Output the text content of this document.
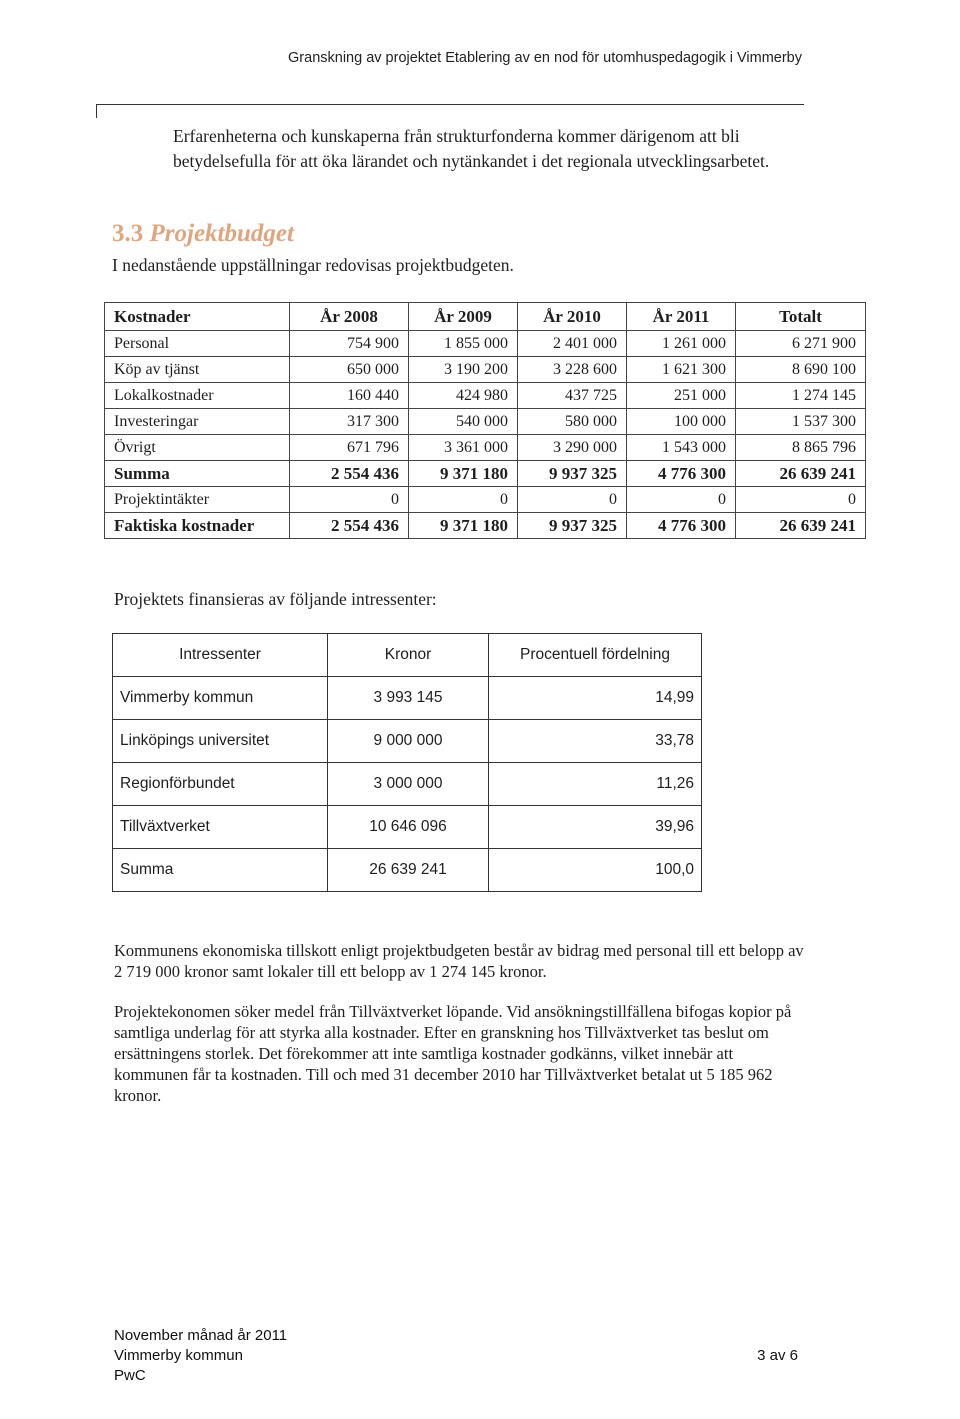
Granskning av projektet Etablering av en nod för utomhuspedagogik i Vimmerby

Erfarenheterna och kunskaperna från strukturfonderna kommer därigenom att bli betydelsefulla för att öka lärandet och nytänkandet i det regionala utvecklingsarbetet.

3.3 Projektbudget

I nedanstående uppställningar redovisas projektbudgeten.

Kostnader	År 2008	År 2009	År 2010	År 2011	Totalt
Personal	754 900	1 855 000	2 401 000	1 261 000	6 271 900
Köp av tjänst	650 000	3 190 200	3 228 600	1 621 300	8 690 100
Lokalkostnader	160 440	424 980	437 725	251 000	1 274 145
Investeringar	317 300	540 000	580 000	100 000	1 537 300
Övrigt	671 796	3 361 000	3 290 000	1 543 000	8 865 796
Summa	2 554 436	9 371 180	9 937 325	4 776 300	26 639 241
Projektintäkter	0	0	0	0	0
Faktiska kostnader	2 554 436	9 371 180	9 937 325	4 776 300	26 639 241

Projektets finansieras av följande intressenter:

Intressenter	Kronor	Procentuell fördelning
Vimmerby kommun	3 993 145	14,99
Linköpings universitet	9 000 000	33,78
Regionförbundet	3 000 000	11,26
Tillväxtverket	10 646 096	39,96
Summa	26 639 241	100,0

Kommunens ekonomiska tillskott enligt projektbudgeten består av bidrag med personal till ett belopp av 2 719 000 kronor samt lokaler till ett belopp av 1 274 145 kronor.

Projektekonomen söker medel från Tillväxtverket löpande. Vid ansökningstillfällena bifogas kopior på samtliga underlag för att styrka alla kostnader. Efter en granskning hos Tillväxtverket tas beslut om ersättningens storlek. Det förekommer att inte samtliga kostnader godkänns, vilket innebär att kommunen får ta kostnaden. Till och med 31 december 2010 har Tillväxtverket betalat ut 5 185 962 kronor.

November månad år 2011
Vimmerby kommun
PwC
3 av 6
